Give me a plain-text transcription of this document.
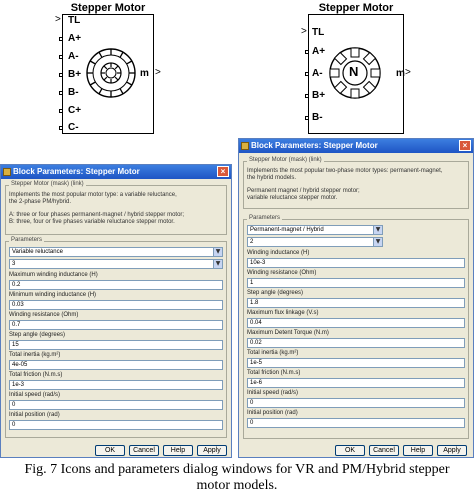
Stepper Motor
TL
A+
A-
B+
B-
C+
C-
>
m >
Stepper Motor
N
TL
A+
A-
B+
B-
>
m >
Block Parameters: Stepper Motor	×
Stepper Motor (mask) (link)
Implements the most popular motor type: a variable reluctance,
the 2-phase PM/hybrid.
A: three or four phases permanent-magnet / hybrid stepper motor;
B: three, four or five phases variable reluctance stepper motor.
Parameters
Variable reluctance	▼
3	▼
Maximum winding inductance (H)
0.2
Minimum winding inductance (H)
0.03
Winding resistance (Ohm)
0.7
Step angle (degrees)
15
Total inertia (kg.m²)
4e-05
Total friction (N.m.s)
1e-3
Initial speed (rad/s)
0
Initial position (rad)
0
OK	Cancel	Help	Apply
Block Parameters: Stepper Motor	×
Stepper Motor (mask) (link)
Implements the most popular two-phase motor types: permanent-magnet,
the hybrid models.
Permanent magnet / hybrid stepper motor;
variable reluctance stepper motor.
Parameters
Permanent-magnet / Hybrid	▼
2	▼
Winding inductance (H)
10e-3
Winding resistance (Ohm)
1
Step angle (degrees)
1.8
Maximum flux linkage (V.s)
0.04
Maximum Detent Torque (N.m)
0.02
Total inertia (kg.m²)
1e-5
Total friction (N.m.s)
1e-6
Initial speed (rad/s)
0
Initial position (rad)
0
OK	Cancel	Help	Apply
Fig. 7 Icons and parameters dialog windows for VR and PM/Hybrid stepper
motor models.
